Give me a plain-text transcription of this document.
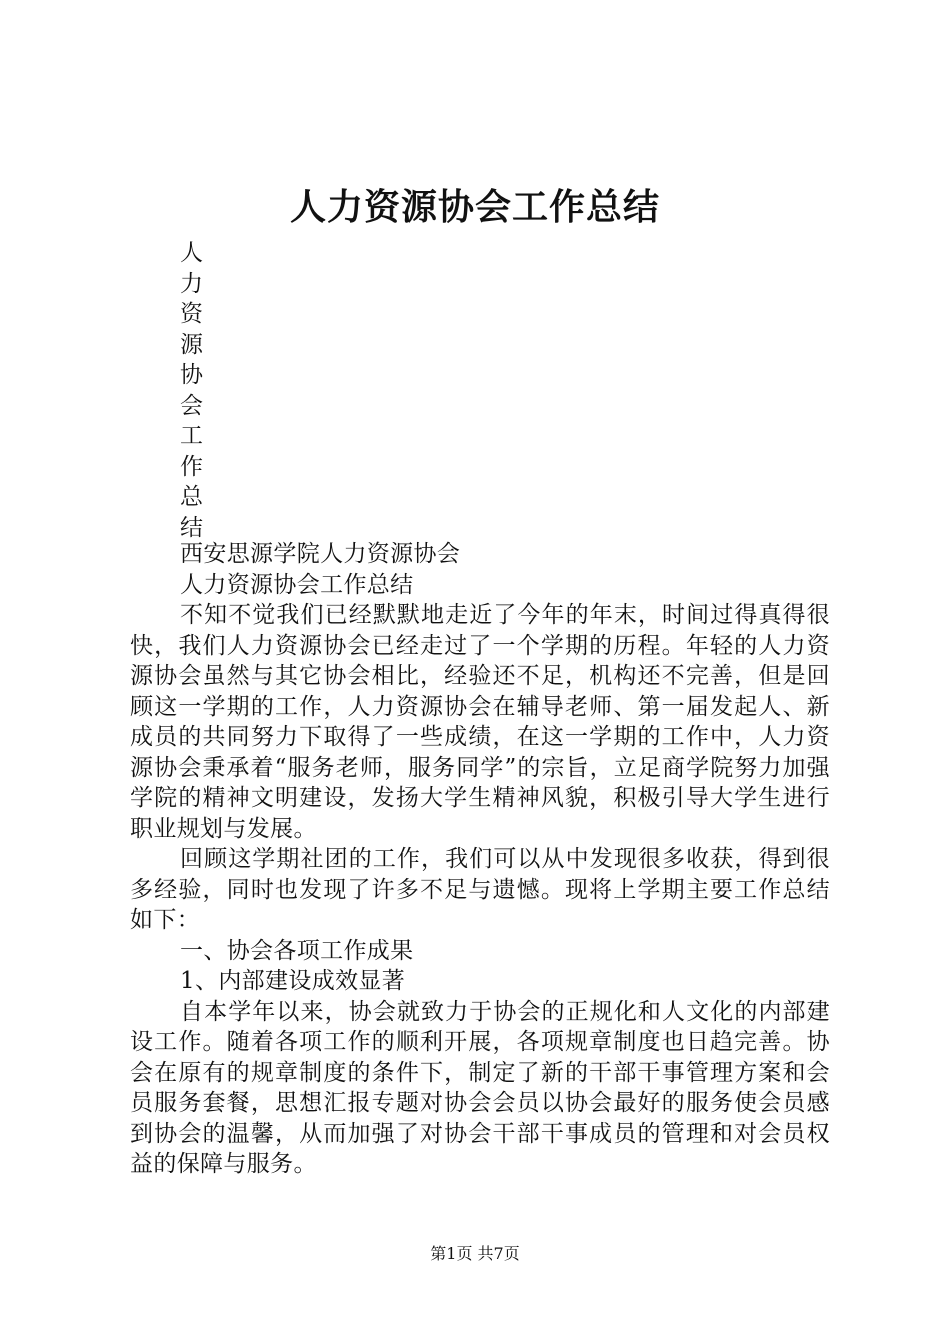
人力资源协会工作总结
人
力
资
源
协
会
工
作
总
结

西安思源学院人力资源协会

人力资源协会工作总结

不知不觉我们已经默默地走近了今年的年末，时间过得真得很快，我们人力资源协会已经走过了一个学期的历程。年轻的人力资源协会虽然与其它协会相比，经验还不足，机构还不完善，但是回顾这一学期的工作，人力资源协会在辅导老师、第一届发起人、新成员的共同努力下取得了一些成绩，在这一学期的工作中，人力资源协会秉承着“服务老师，服务同学”的宗旨，立足商学院努力加强学院的精神文明建设，发扬大学生精神风貌，积极引导大学生进行职业规划与发展。

回顾这学期社团的工作，我们可以从中发现很多收获，得到很多经验，同时也发现了许多不足与遗憾。现将上学期主要工作总结如下：

一、协会各项工作成果

1、内部建设成效显著

自本学年以来，协会就致力于协会的正规化和人文化的内部建设工作。随着各项工作的顺利开展，各项规章制度也日趋完善。协会在原有的规章制度的条件下，制定了新的干部干事管理方案和会员服务套餐，思想汇报专题对协会会员以协会最好的服务使会员感到协会的温馨，从而加强了对协会干部干事成员的管理和对会员权益的保障与服务。

第1页 共7页
